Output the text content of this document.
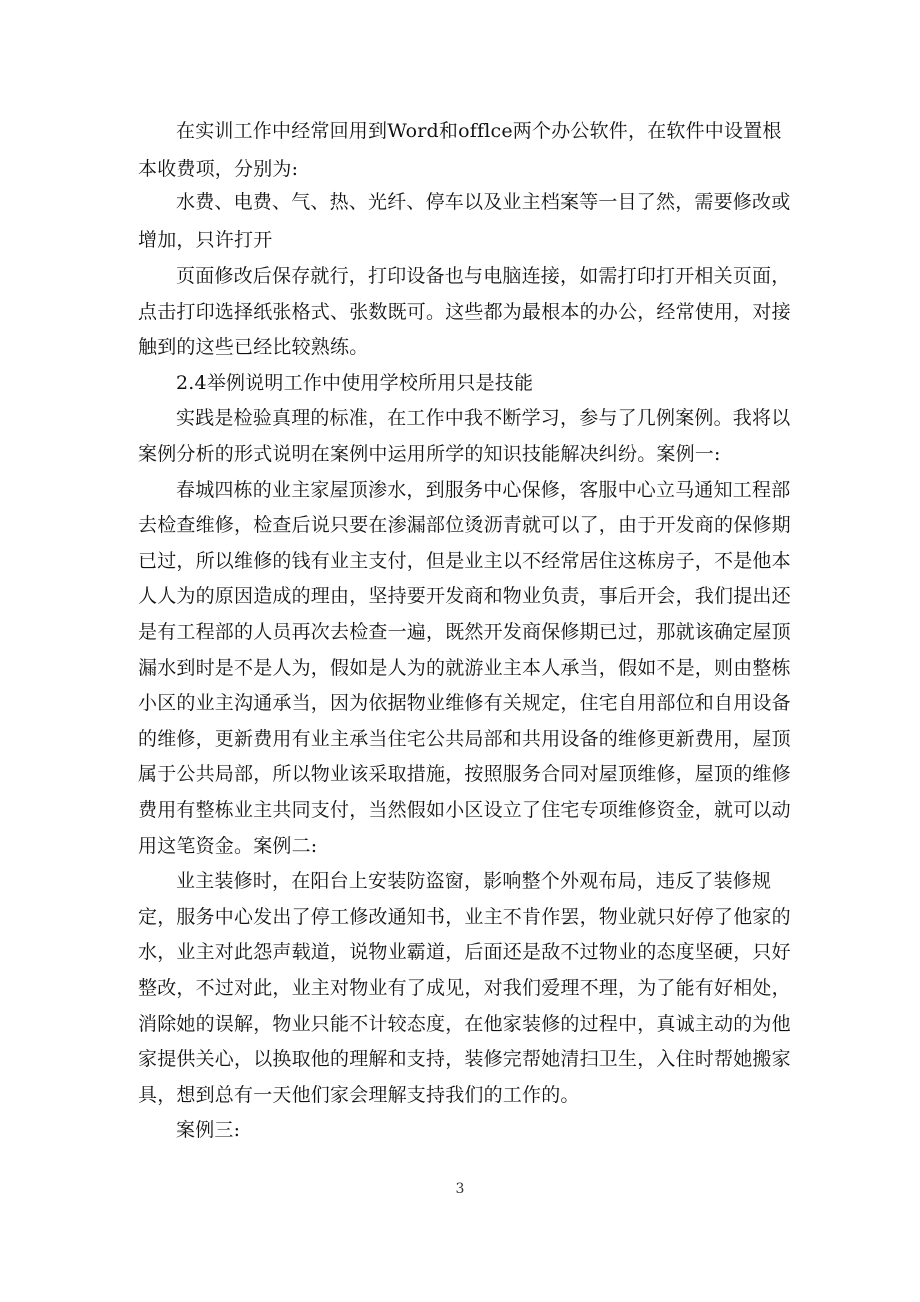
在实训工作中经常回用到Word和offlce两个办公软件，在软件中设置根

本收费项，分别为:

水费、电费、气、热、光纤、停车以及业主档案等一目了然，需要修改或

增加，只许打开

页面修改后保存就行，打印设备也与电脑连接，如需打印打开相关页面，

点击打印选择纸张格式、张数既可。这些都为最根本的办公，经常使用，对接

触到的这些已经比较熟练。

2.4举例说明工作中使用学校所用只是技能

实践是检验真理的标准，在工作中我不断学习，参与了几例案例。我将以

案例分析的形式说明在案例中运用所学的知识技能解决纠纷。案例一:

春城四栋的业主家屋顶渗水，到服务中心保修，客服中心立马通知工程部

去检查维修，检查后说只要在渗漏部位烫沥青就可以了，由于开发商的保修期

已过，所以维修的钱有业主支付，但是业主以不经常居住这栋房子，不是他本

人人为的原因造成的理由，坚持要开发商和物业负责，事后开会，我们提出还

是有工程部的人员再次去检查一遍，既然开发商保修期已过，那就该确定屋顶

漏水到时是不是人为，假如是人为的就游业主本人承当，假如不是，则由整栋

小区的业主沟通承当，因为依据物业维修有关规定，住宅自用部位和自用设备

的维修，更新费用有业主承当住宅公共局部和共用设备的维修更新费用，屋顶

属于公共局部，所以物业该采取措施，按照服务合同对屋顶维修，屋顶的维修

费用有整栋业主共同支付，当然假如小区设立了住宅专项维修资金，就可以动

用这笔资金。案例二:

业主装修时，在阳台上安装防盗窗，影响整个外观布局，违反了装修规

定，服务中心发出了停工修改通知书，业主不肯作罢，物业就只好停了他家的

水，业主对此怨声载道，说物业霸道，后面还是敌不过物业的态度坚硬，只好

整改，不过对此，业主对物业有了成见，对我们爱理不理，为了能有好相处，

消除她的误解，物业只能不计较态度，在他家装修的过程中，真诚主动的为他

家提供关心，以换取他的理解和支持，装修完帮她清扫卫生，入住时帮她搬家

具，想到总有一天他们家会理解支持我们的工作的。

案例三:

3
